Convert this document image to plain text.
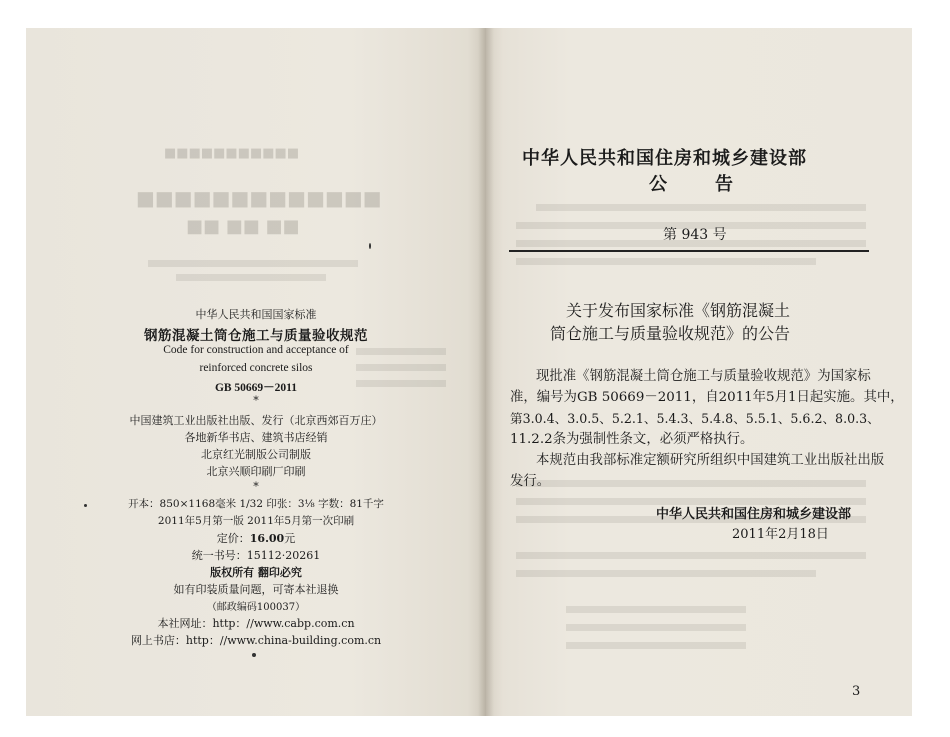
■■■■■■■■■■■
■■■■■■■■■■■■■
■■ ■■ ■■
中华人民共和国国家标准
钢筋混凝土筒仓施工与质量验收规范
Code for construction and acceptance of
reinforced concrete silos
GB 50669－2011
*
中国建筑工业出版社出版、发行（北京西郊百万庄）
各地新华书店、建筑书店经销
北京红光制版公司制版
北京兴顺印刷厂印刷
*
开本：850×1168毫米 1/32 印张：3⅛ 字数：81千字
2011年5月第一版 2011年5月第一次印刷
定价：16.00元
统一书号：15112·20261
版权所有 翻印必究
如有印装质量问题，可寄本社退换
（邮政编码100037）
本社网址：http：//www.cabp.com.cn
网上书店：http：//www.china-building.com.cn
中华人民共和国住房和城乡建设部
公　　告
第 943 号
关于发布国家标准《钢筋混凝土
筒仓施工与质量验收规范》的公告
现批准《钢筋混凝土筒仓施工与质量验收规范》为国家标
准，编号为GB 50669－2011，自2011年5月1日起实施。其中，
第3.0.4、3.0.5、5.2.1、5.4.3、5.4.8、5.5.1、5.6.2、8.0.3、
11.2.2条为强制性条文，必须严格执行。
本规范由我部标准定额研究所组织中国建筑工业出版社出版
发行。
中华人民共和国住房和城乡建设部
2011年2月18日
3
